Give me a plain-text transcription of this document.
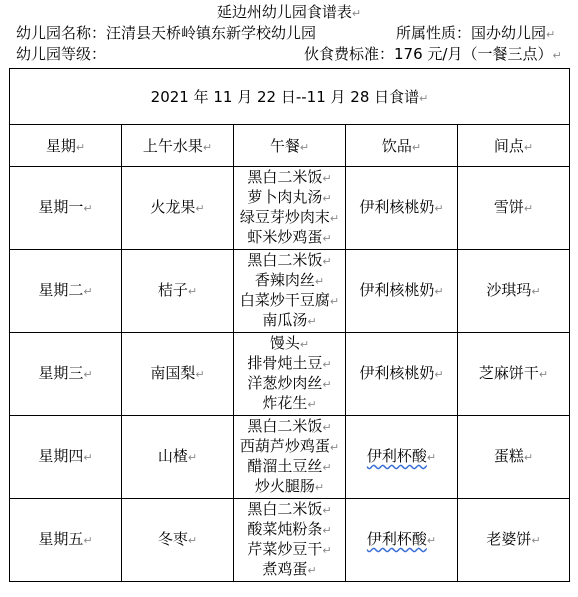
延边州幼儿园食谱表↵
幼儿园名称：汪清县天桥岭镇东新学校幼儿园	所属性质：国办幼儿园↵
幼儿园等级：	伙食费标准：176 元/月（一餐三点）↵
2021 年 11 月 22 日--11 月 28 日食谱↵				
星期↵	上午水果↵	午餐↵	饮品↵	间点↵
星期一↵	火龙果↵	黑白二米饭↵
萝卜肉丸汤↵
绿豆芽炒肉末↵
虾米炒鸡蛋↵	伊利核桃奶↵	雪饼↵
星期二↵	桔子↵	黑白二米饭↵
香辣肉丝↵
白菜炒干豆腐↵
南瓜汤↵	伊利核桃奶↵	沙琪玛↵
星期三↵	南国梨↵	馒头↵
排骨炖土豆↵
洋葱炒肉丝↵
炸花生↵	伊利核桃奶↵	芝麻饼干↵
星期四↵	山楂↵	黑白二米饭↵
西葫芦炒鸡蛋↵
醋溜土豆丝↵
炒火腿肠↵	伊利杯酸↵	蛋糕↵
星期五↵	冬枣↵	黑白二米饭↵
酸菜炖粉条↵
芹菜炒豆干↵
煮鸡蛋↵	伊利杯酸↵	老婆饼↵
